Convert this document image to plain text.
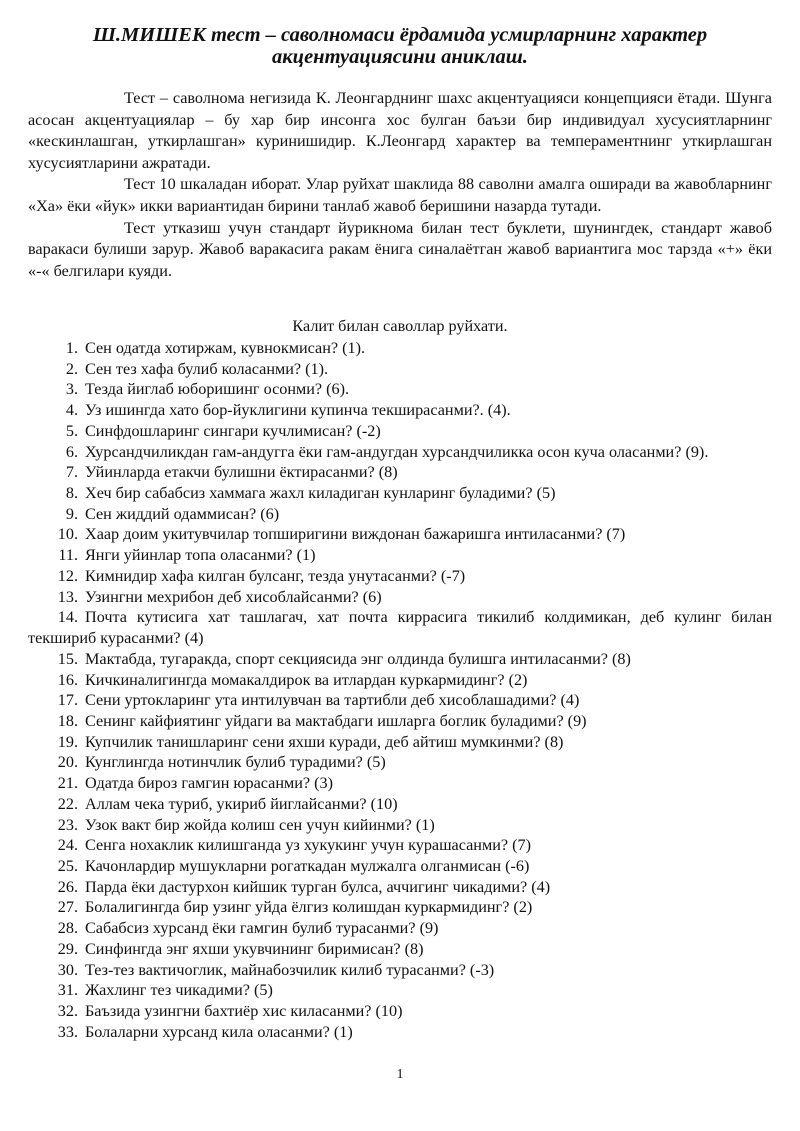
Ш.МИШЕК тест – саволномаси ёрдамида усмирларнинг характер акцентуациясини аниклаш.

Тест – саволнома негизида К. Леонгарднинг шахс акцентуацияси концепцияси ётади. Шунга асосан акцентуациялар – бу хар бир инсонга хос булган баъзи бир индивидуал хусусиятларнинг «кескинлашган, уткирлашган» куринишидир. К.Леонгард характер ва темпераментнинг уткирлашган хусусиятларини ажратади.

Тест 10 шкаладан иборат. Улар руйхат шаклида 88 саволни амалга оширади ва жавобларнинг «Ха» ёки «йук» икки вариантидан бирини танлаб жавоб беришини назарда тутади.

Тест утказиш учун стандарт йурикнома билан тест буклети, шунингдек, стандарт жавоб варакаси булиши зарур. Жавоб варакасига ракам ёнига синалаётган жавоб вариантига мос тарзда «+» ёки «-« белгилари куяди.

Калит билан саволлар руйхати.
1. Сен одатда хотиржам, кувнокмисан? (1).
2. Сен тез хафа булиб коласанми? (1).
3. Тезда йиглаб юборишинг осонми? (6).
4. Уз ишингда хато бор-йуклигини купинча текширасанми?. (4).
5. Синфдошларинг сингари кучлимисан? (-2)
6. Хурсандчиликдан гам-андугга ёки гам-андугдан хурсандчиликка осон куча оласанми? (9).
7. Уйинларда етакчи булишни ёктирасанми? (8)
8. Хеч бир сабабсиз хаммага жахл киладиган кунларинг буладими? (5)
9. Сен жиддий одаммисан? (6)
10. Хаар доим укитувчилар топширигини виждонан бажаришга интиласанми? (7)
11. Янги уйинлар топа оласанми? (1)
12. Кимнидир хафа килган булсанг, тезда унутасанми? (-7)
13. Узингни мехрибон деб хисоблайсанми? (6)
14. Почта кутисига хат ташлагач, хат почта киррасига тикилиб колдимикан, деб кулинг билан текшириб курасанми? (4)
15. Мактабда, тугаракда, спорт секциясида энг олдинда булишга интиласанми? (8)
16. Кичкиналигингда момакалдирок ва итлардан куркармидинг? (2)
17. Сени уртокларинг ута интилувчан ва тартибли деб хисоблашадими? (4)
18. Сенинг кайфиятинг уйдаги ва мактабдаги ишларга боглик буладими? (9)
19. Купчилик танишларинг сени яхши куради, деб айтиш мумкинми? (8)
20. Кунглингда нотинчлик булиб турадими? (5)
21. Одатда бироз гамгин юрасанми? (3)
22. Аллам чека туриб, укириб йиглайсанми? (10)
23. Узок вакт бир жойда колиш сен учун кийинми? (1)
24. Сенга нохаклик килишганда уз хукукинг учун курашасанми? (7)
25. Качонлардир мушукларни рогаткадан мулжалга олганмисан (-6)
26. Парда ёки дастурхон кийшик турган булса, аччигинг чикадими? (4)
27. Болалигингда бир узинг уйда ёлгиз колишдан куркармидинг? (2)
28. Сабабсиз хурсанд ёки гамгин булиб турасанми? (9)
29. Синфингда энг яхши укувчининг биримисан? (8)
30. Тез-тез вактичоглик, майнабозчилик килиб турасанми? (-3)
31. Жахлинг тез чикадими? (5)
32. Баъзида узингни бахтиёр хис киласанми? (10)
33. Болаларни хурсанд кила оласанми? (1)
1
